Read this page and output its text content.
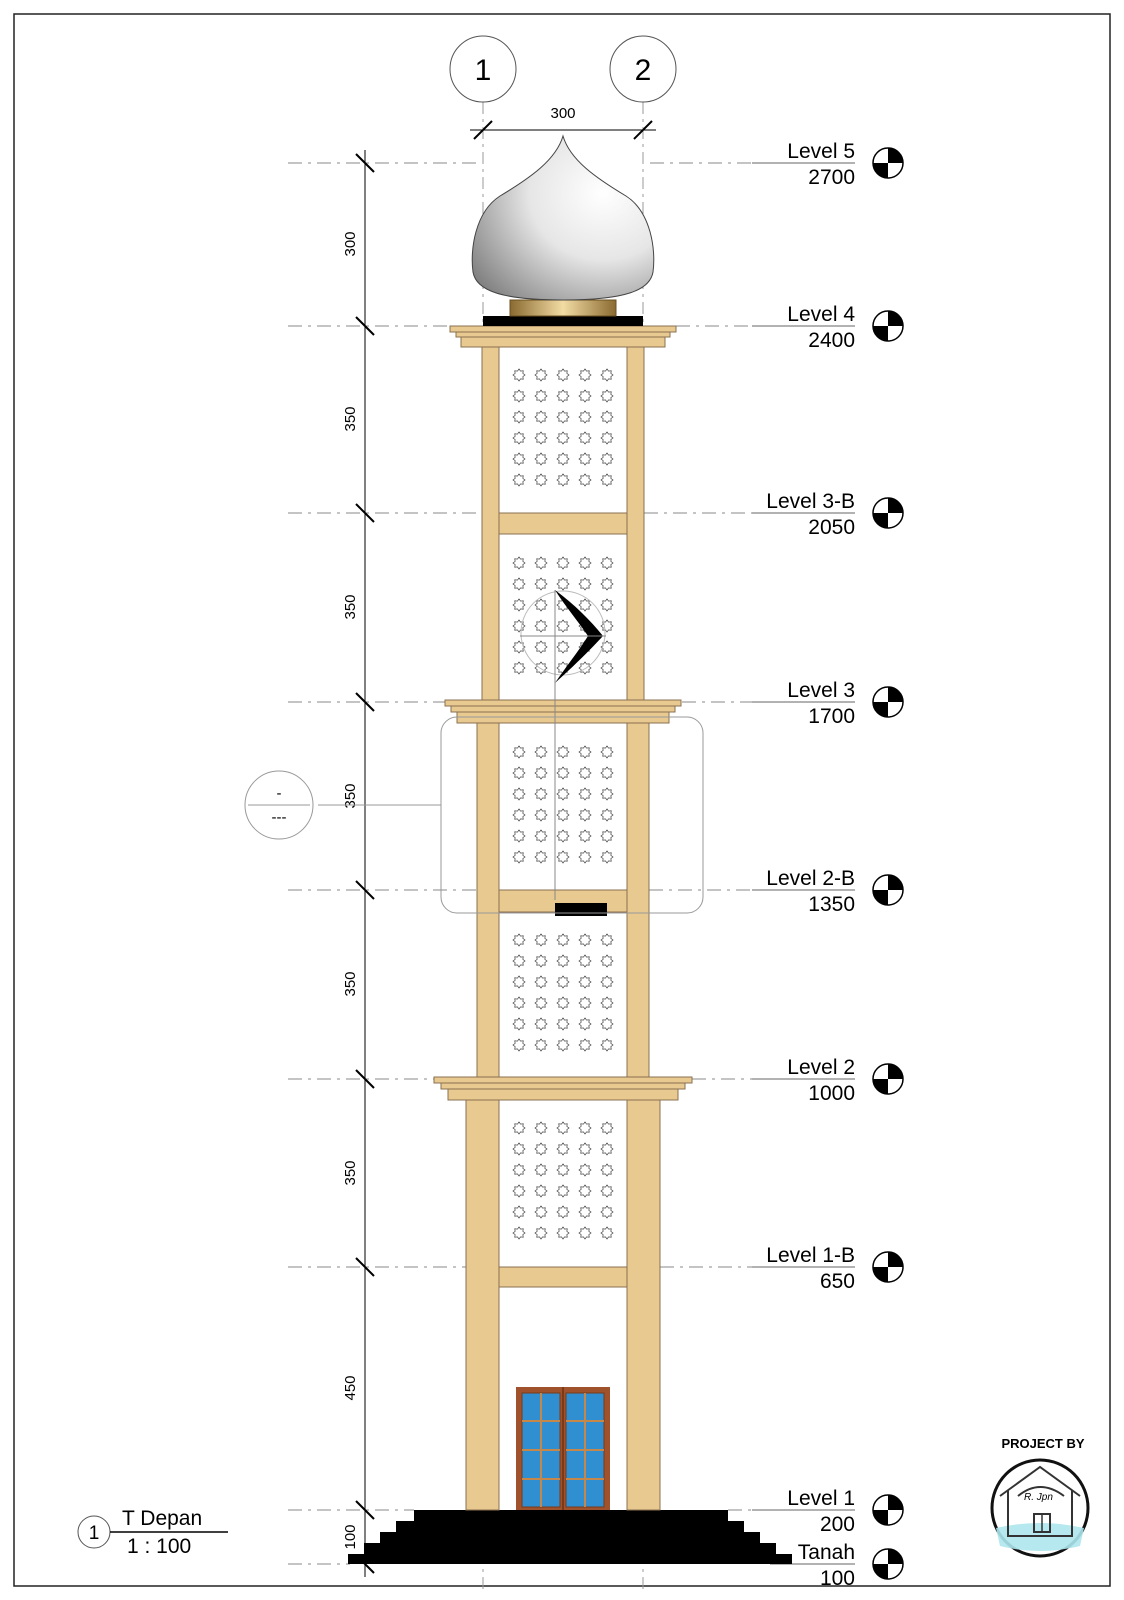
1	2
300
300
350
350
350
350
350
450
100
-
---
Level 5
2700
Level 4
2400
Level 3-B
2050
Level 3
1700
Level 2-B
1350
Level 2
1000
Level 1-B
650
Level 1
200
Tanah
100
1
T Depan
1 : 100
PROJECT BY
R. Jpn
